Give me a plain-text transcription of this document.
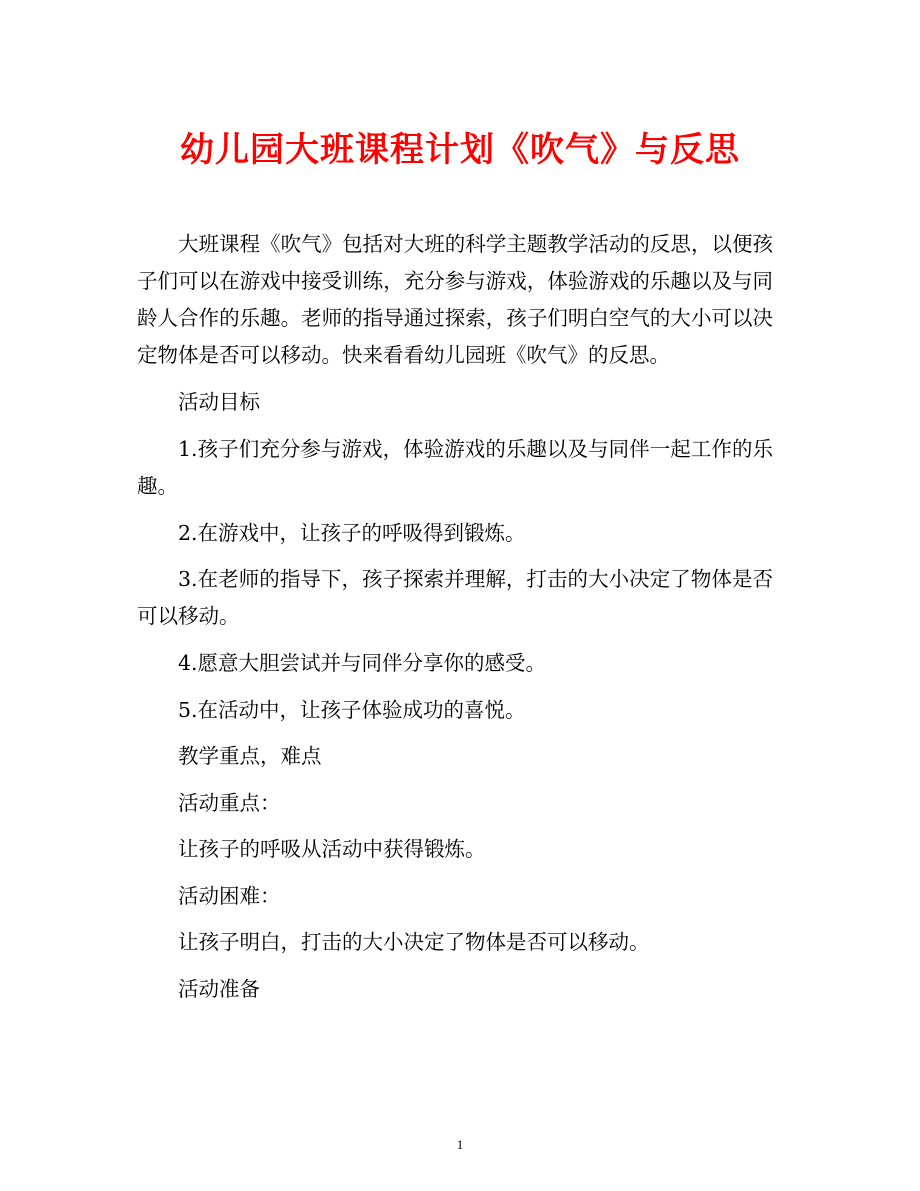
幼儿园大班课程计划《吹气》与反思

大班课程《吹气》包括对大班的科学主题教学活动的反思，以便孩子们可以在游戏中接受训练，充分参与游戏，体验游戏的乐趣以及与同龄人合作的乐趣。老师的指导通过探索，孩子们明白空气的大小可以决定物体是否可以移动。快来看看幼儿园班《吹气》的反思。

活动目标

1.孩子们充分参与游戏，体验游戏的乐趣以及与同伴一起工作的乐趣。

2.在游戏中，让孩子的呼吸得到锻炼。

3.在老师的指导下，孩子探索并理解，打击的大小决定了物体是否可以移动。

4.愿意大胆尝试并与同伴分享你的感受。

5.在活动中，让孩子体验成功的喜悦。

教学重点，难点

活动重点：

让孩子的呼吸从活动中获得锻炼。

活动困难：

让孩子明白，打击的大小决定了物体是否可以移动。

活动准备

1
